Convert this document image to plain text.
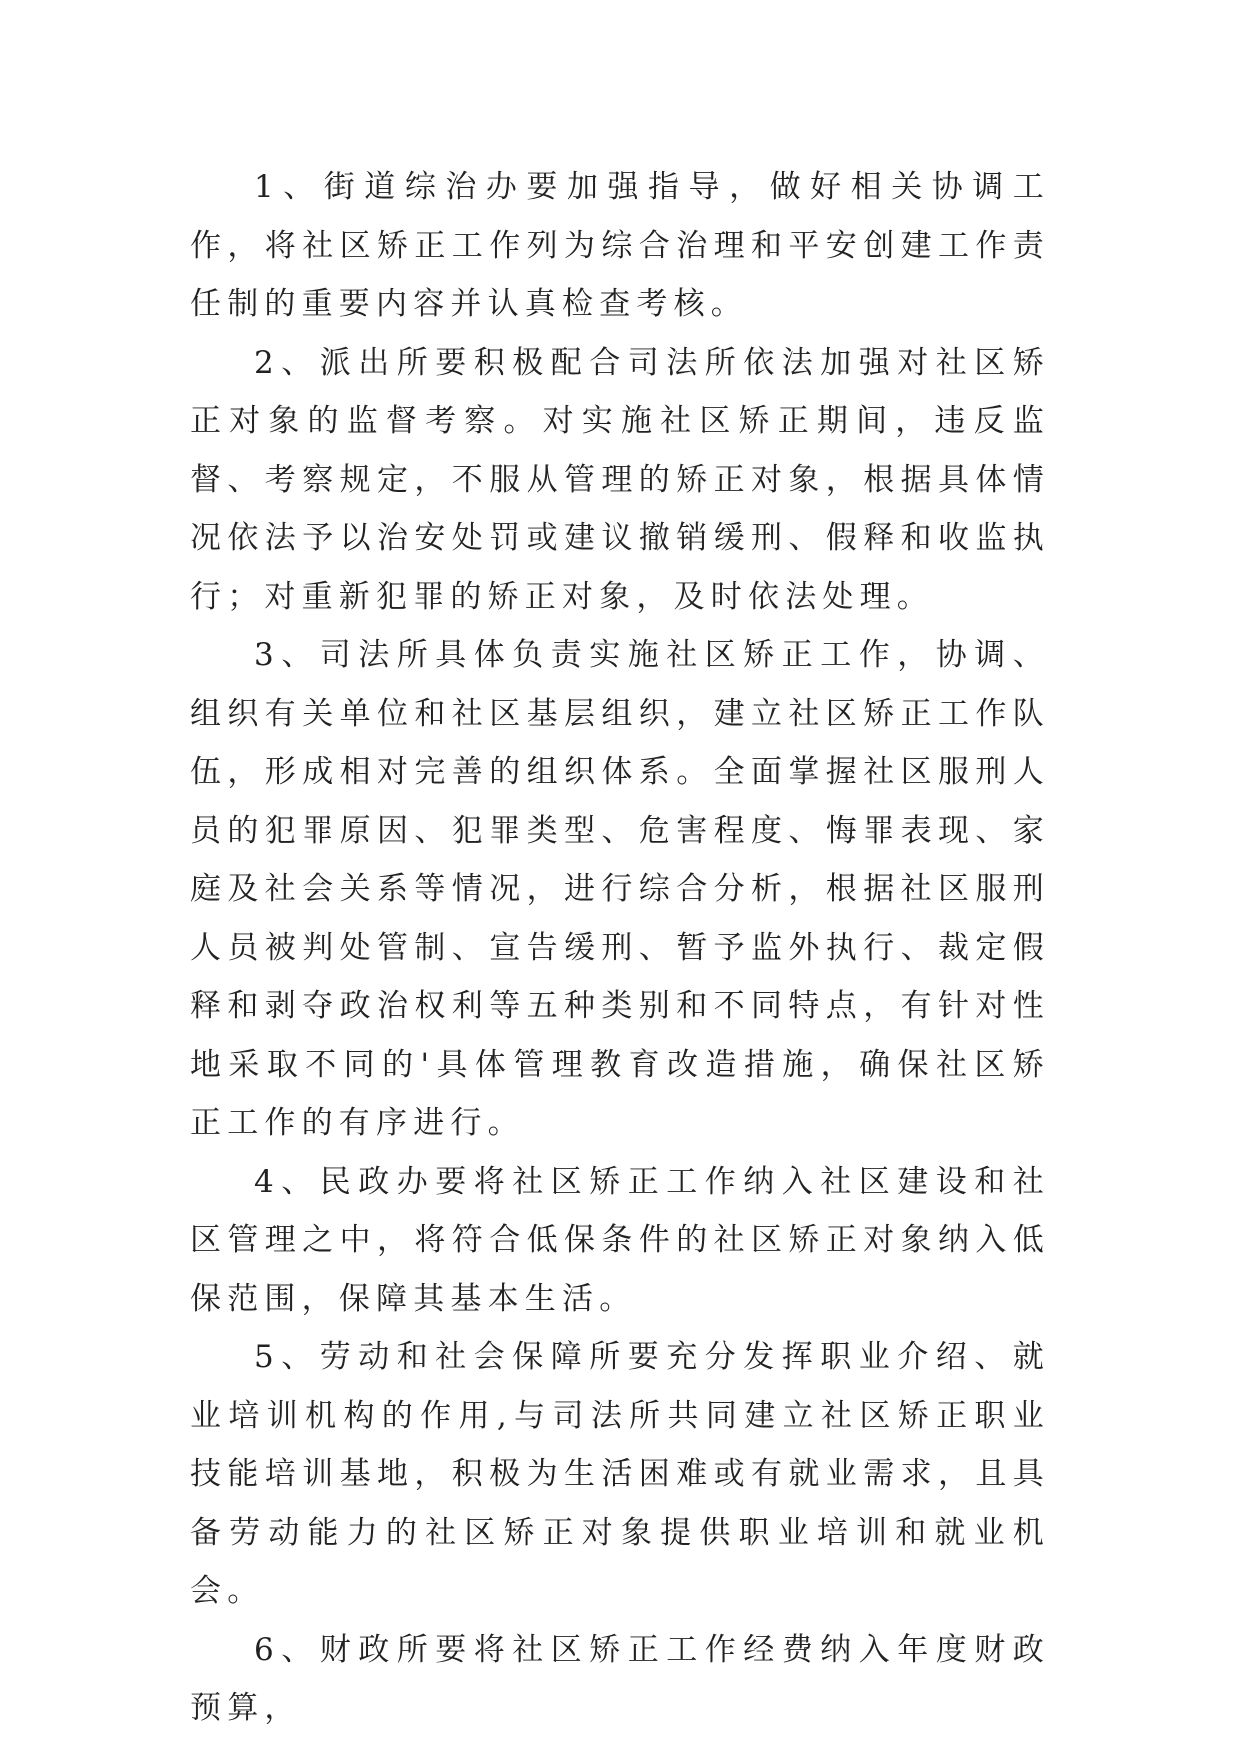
1、街道综治办要加强指导，做好相关协调工作，将社区矫正工作列为综合治理和平安创建工作责任制的重要内容并认真检查考核。

2、派出所要积极配合司法所依法加强对社区矫正对象的监督考察。对实施社区矫正期间，违反监督、考察规定，不服从管理的矫正对象，根据具体情况依法予以治安处罚或建议撤销缓刑、假释和收监执行；对重新犯罪的矫正对象，及时依法处理。

3、司法所具体负责实施社区矫正工作，协调、组织有关单位和社区基层组织，建立社区矫正工作队伍，形成相对完善的组织体系。全面掌握社区服刑人员的犯罪原因、犯罪类型、危害程度、悔罪表现、家庭及社会关系等情况，进行综合分析，根据社区服刑人员被判处管制、宣告缓刑、暂予监外执行、裁定假释和剥夺政治权利等五种类别和不同特点，有针对性地采取不同的'具体管理教育改造措施，确保社区矫正工作的有序进行。

4、民政办要将社区矫正工作纳入社区建设和社区管理之中，将符合低保条件的社区矫正对象纳入低保范围，保障其基本生活。

5、劳动和社会保障所要充分发挥职业介绍、就业培训机构的作用,与司法所共同建立社区矫正职业技能培训基地，积极为生活困难或有就业需求，且具备劳动能力的社区矫正对象提供职业培训和就业机会。

6、财政所要将社区矫正工作经费纳入年度财政预算，
